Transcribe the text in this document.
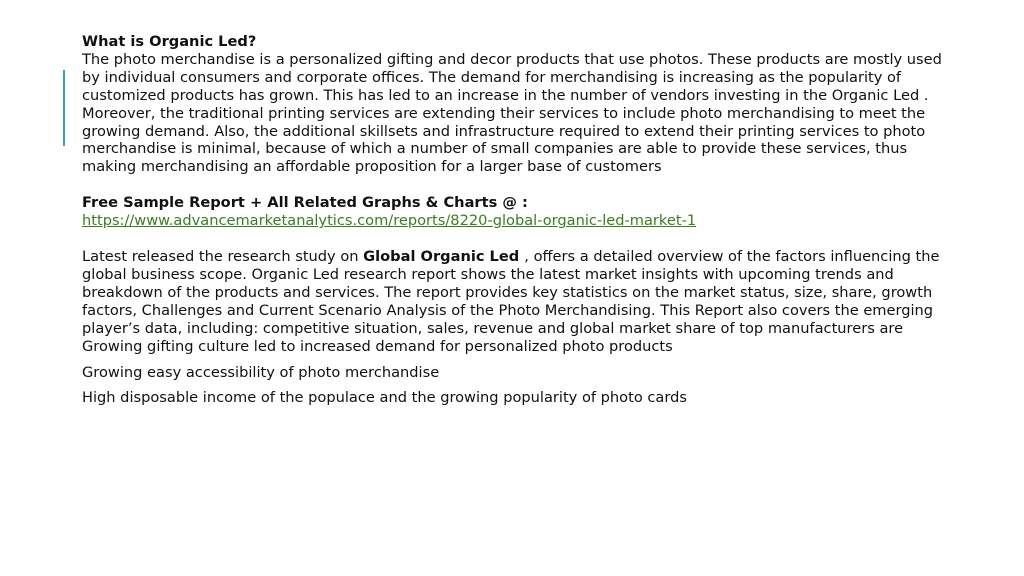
What is Organic Led?

The photo merchandise is a personalized gifting and decor products that use photos. These products are mostly used by individual consumers and corporate offices. The demand for merchandising is increasing as the popularity of customized products has grown. This has led to an increase in the number of vendors investing in the Organic Led . Moreover, the traditional printing services are extending their services to include photo merchandising to meet the growing demand. Also, the additional skillsets and infrastructure required to extend their printing services to photo merchandise is minimal, because of which a number of small companies are able to provide these services, thus making merchandising an affordable proposition for a larger base of customers

Free Sample Report + All Related Graphs & Charts @ :

https://www.advancemarketanalytics.com/reports/8220-global-organic-led-market-1

Latest released the research study on Global Organic Led , offers a detailed overview of the factors influencing the global business scope. Organic Led research report shows the latest market insights with upcoming trends and breakdown of the products and services. The report provides key statistics on the market status, size, share, growth factors, Challenges and Current Scenario Analysis of the Photo Merchandising. This Report also covers the emerging player’s data, including: competitive situation, sales, revenue and global market share of top manufacturers are Growing gifting culture led to increased demand for personalized photo products

Growing easy accessibility of photo merchandise

High disposable income of the populace and the growing popularity of photo cards
